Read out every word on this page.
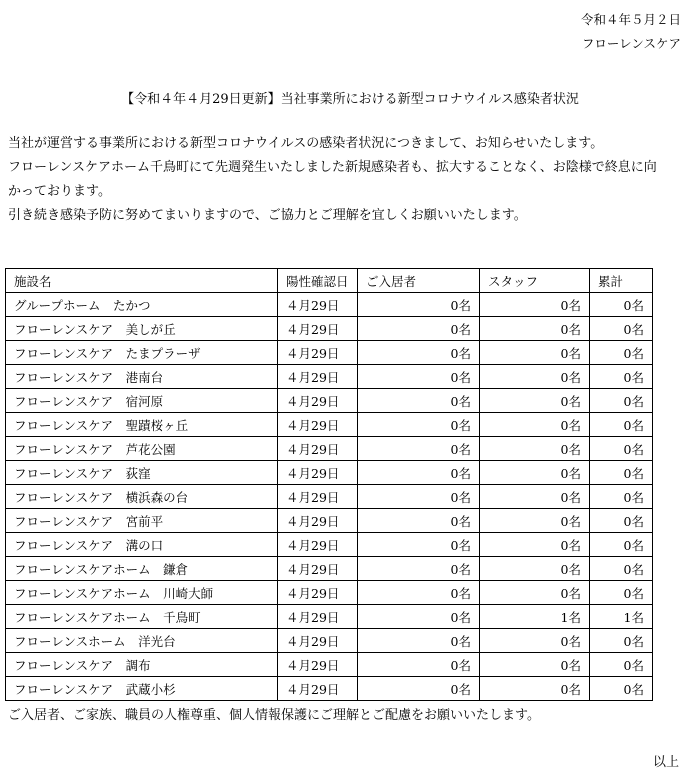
令和４年５月２日
フローレンスケア
【令和４年４月29日更新】当社事業所における新型コロナウイルス感染者状況
当社が運営する事業所における新型コロナウイルスの感染者状況につきまして、お知らせいたします。
フローレンスケアホーム千鳥町にて先週発生いたしました新規感染者も、拡大することなく、お陰様で終息に向
かっております。
引き続き感染予防に努めてまいりますので、ご協力とご理解を宜しくお願いいたします。
施設名	陽性確認日	ご入居者	スタッフ	累計
グループホーム　たかつ	４月29日	0名	0名	0名
フローレンスケア　美しが丘	４月29日	0名	0名	0名
フローレンスケア　たまプラーザ	４月29日	0名	0名	0名
フローレンスケア　港南台	４月29日	0名	0名	0名
フローレンスケア　宿河原	４月29日	0名	0名	0名
フローレンスケア　聖蹟桜ヶ丘	４月29日	0名	0名	0名
フローレンスケア　芦花公園	４月29日	0名	0名	0名
フローレンスケア　荻窪	４月29日	0名	0名	0名
フローレンスケア　横浜森の台	４月29日	0名	0名	0名
フローレンスケア　宮前平	４月29日	0名	0名	0名
フローレンスケア　溝の口	４月29日	0名	0名	0名
フローレンスケアホーム　鎌倉	４月29日	0名	0名	0名
フローレンスケアホーム　川崎大師	４月29日	0名	0名	0名
フローレンスケアホーム　千鳥町	４月29日	0名	1名	1名
フローレンスホーム　洋光台	４月29日	0名	0名	0名
フローレンスケア　調布	４月29日	0名	0名	0名
フローレンスケア　武蔵小杉	４月29日	0名	0名	0名
ご入居者、ご家族、職員の人権尊重、個人情報保護にご理解とご配慮をお願いいたします。
以上
